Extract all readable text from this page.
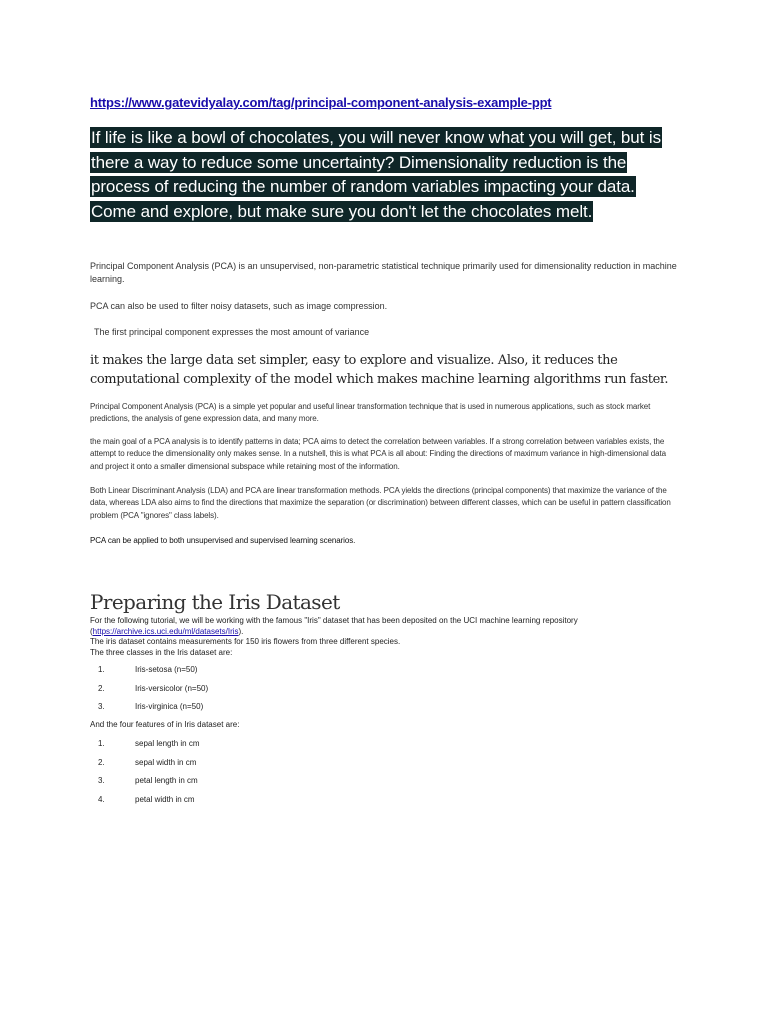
https://www.gatevidyalay.com/tag/principal-component-analysis-example-ppt
If life is like a bowl of chocolates, you will never know what you will get, but is there a way to reduce some uncertainty? Dimensionality reduction is the process of reducing the number of random variables impacting your data. Come and explore, but make sure you don't let the chocolates melt.
Principal Component Analysis (PCA) is an unsupervised, non-parametric statistical technique primarily used for dimensionality reduction in machine learning.
PCA can also be used to filter noisy datasets, such as image compression.
The first principal component expresses the most amount of variance
it makes the large data set simpler, easy to explore and visualize. Also, it reduces the computational complexity of the model which makes machine learning algorithms run faster.
Principal Component Analysis (PCA) is a simple yet popular and useful linear transformation technique that is used in numerous applications, such as stock market predictions, the analysis of gene expression data, and many more.
the main goal of a PCA analysis is to identify patterns in data; PCA aims to detect the correlation between variables. If a strong correlation between variables exists, the attempt to reduce the dimensionality only makes sense. In a nutshell, this is what PCA is all about: Finding the directions of maximum variance in high-dimensional data and project it onto a smaller dimensional subspace while retaining most of the information.
Both Linear Discriminant Analysis (LDA) and PCA are linear transformation methods. PCA yields the directions (principal components) that maximize the variance of the data, whereas LDA also aims to find the directions that maximize the separation (or discrimination) between different classes, which can be useful in pattern classification problem (PCA "ignores" class labels).
PCA can be applied to both unsupervised and supervised learning scenarios.
Preparing the Iris Dataset
For the following tutorial, we will be working with the famous "Iris" dataset that has been deposited on the UCI machine learning repository
(https://archive.ics.uci.edu/ml/datasets/Iris).
The iris dataset contains measurements for 150 iris flowers from three different species.
The three classes in the Iris dataset are:
1.	Iris-setosa (n=50)
2.	Iris-versicolor (n=50)
3.	Iris-virginica (n=50)
And the four features of in Iris dataset are:
1.	sepal length in cm
2.	sepal width in cm
3.	petal length in cm
4.	petal width in cm
